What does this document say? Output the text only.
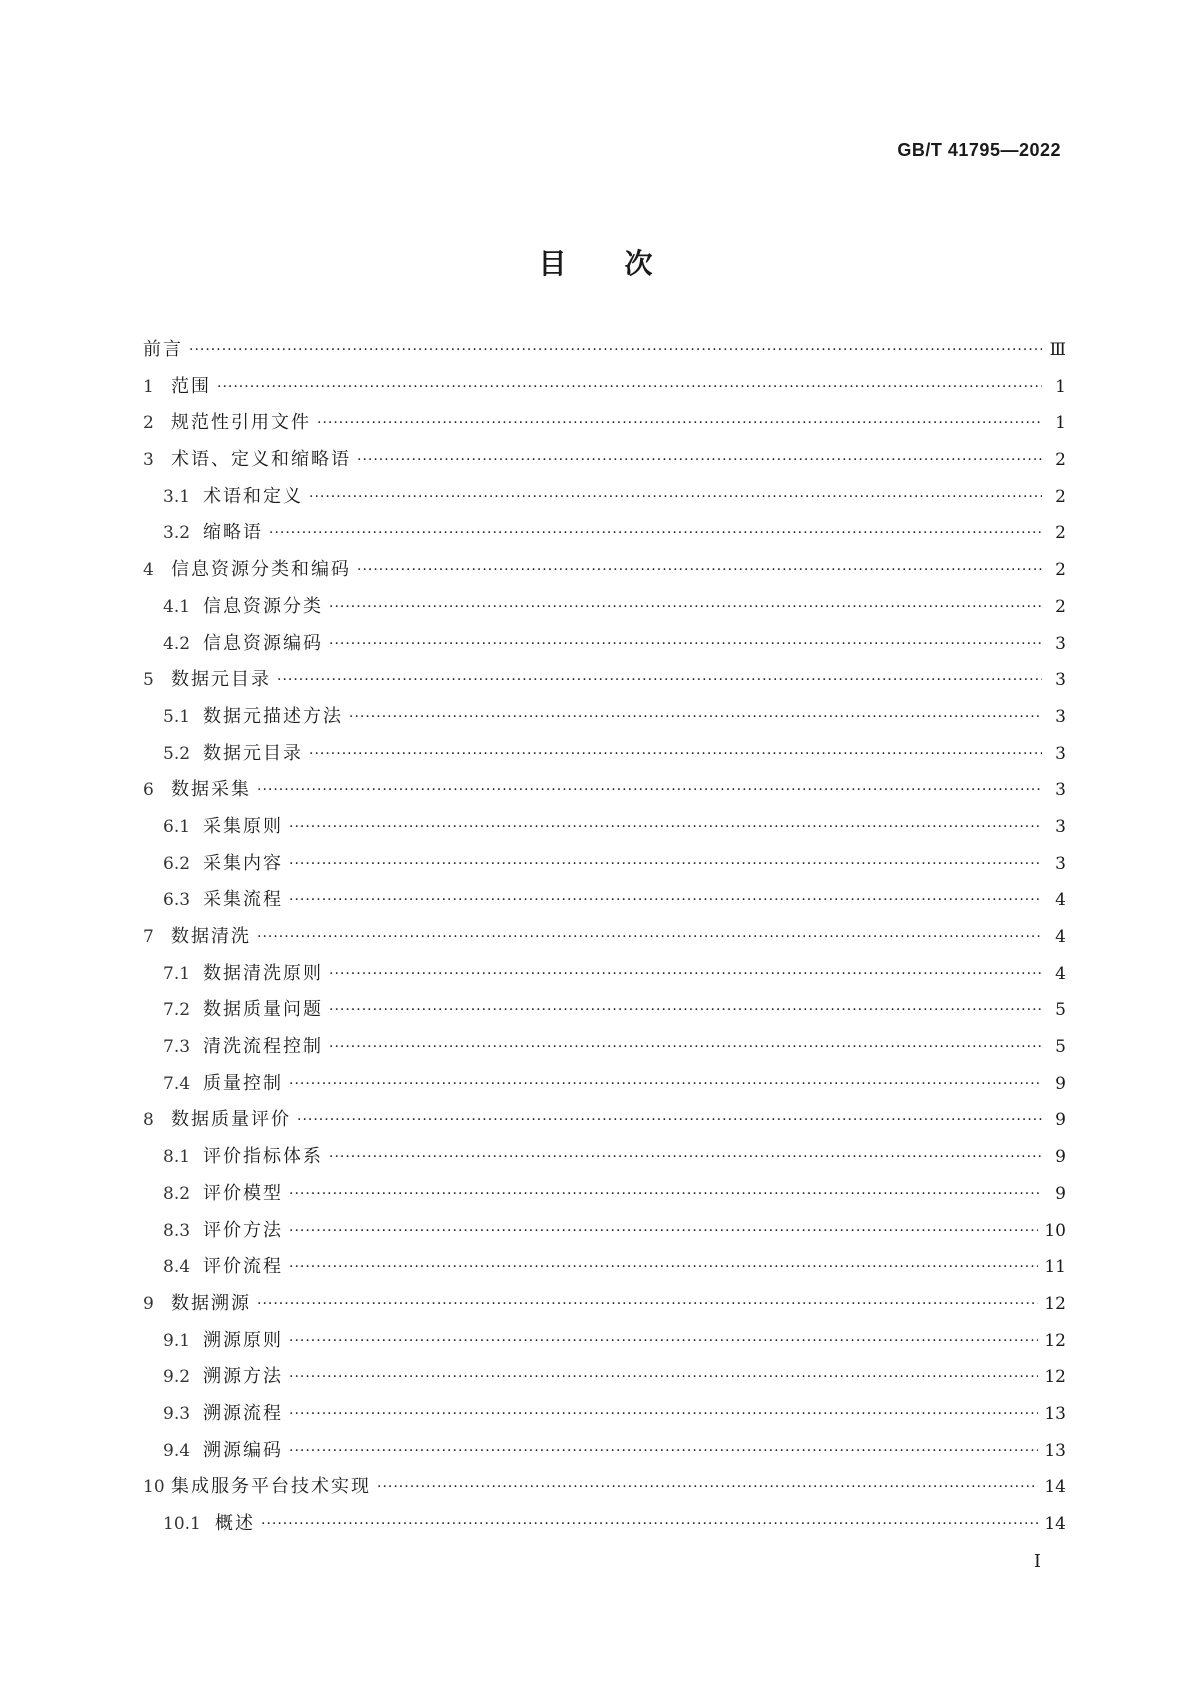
GB/T 41795—2022
目次
前言 ·····	Ⅲ
1 范围 ·····	1
2 规范性引用文件 ·····	1
3 术语、定义和缩略语 ·····	2
3.1 术语和定义 ·····	2
3.2 缩略语 ·····	2
4 信息资源分类和编码 ·····	2
4.1 信息资源分类 ·····	2
4.2 信息资源编码 ·····	3
5 数据元目录 ·····	3
5.1 数据元描述方法 ·····	3
5.2 数据元目录 ·····	3
6 数据采集 ·····	3
6.1 采集原则 ·····	3
6.2 采集内容 ·····	3
6.3 采集流程 ·····	4
7 数据清洗 ·····	4
7.1 数据清洗原则 ·····	4
7.2 数据质量问题 ·····	5
7.3 清洗流程控制 ·····	5
7.4 质量控制 ·····	9
8 数据质量评价 ·····	9
8.1 评价指标体系 ·····	9
8.2 评价模型 ·····	9
8.3 评价方法 ·····	10
8.4 评价流程 ·····	11
9 数据溯源 ·····	12
9.1 溯源原则 ·····	12
9.2 溯源方法 ·····	12
9.3 溯源流程 ·····	13
9.4 溯源编码 ·····	13
10 集成服务平台技术实现 ·····	14
10.1 概述 ·····	14
Ⅰ
